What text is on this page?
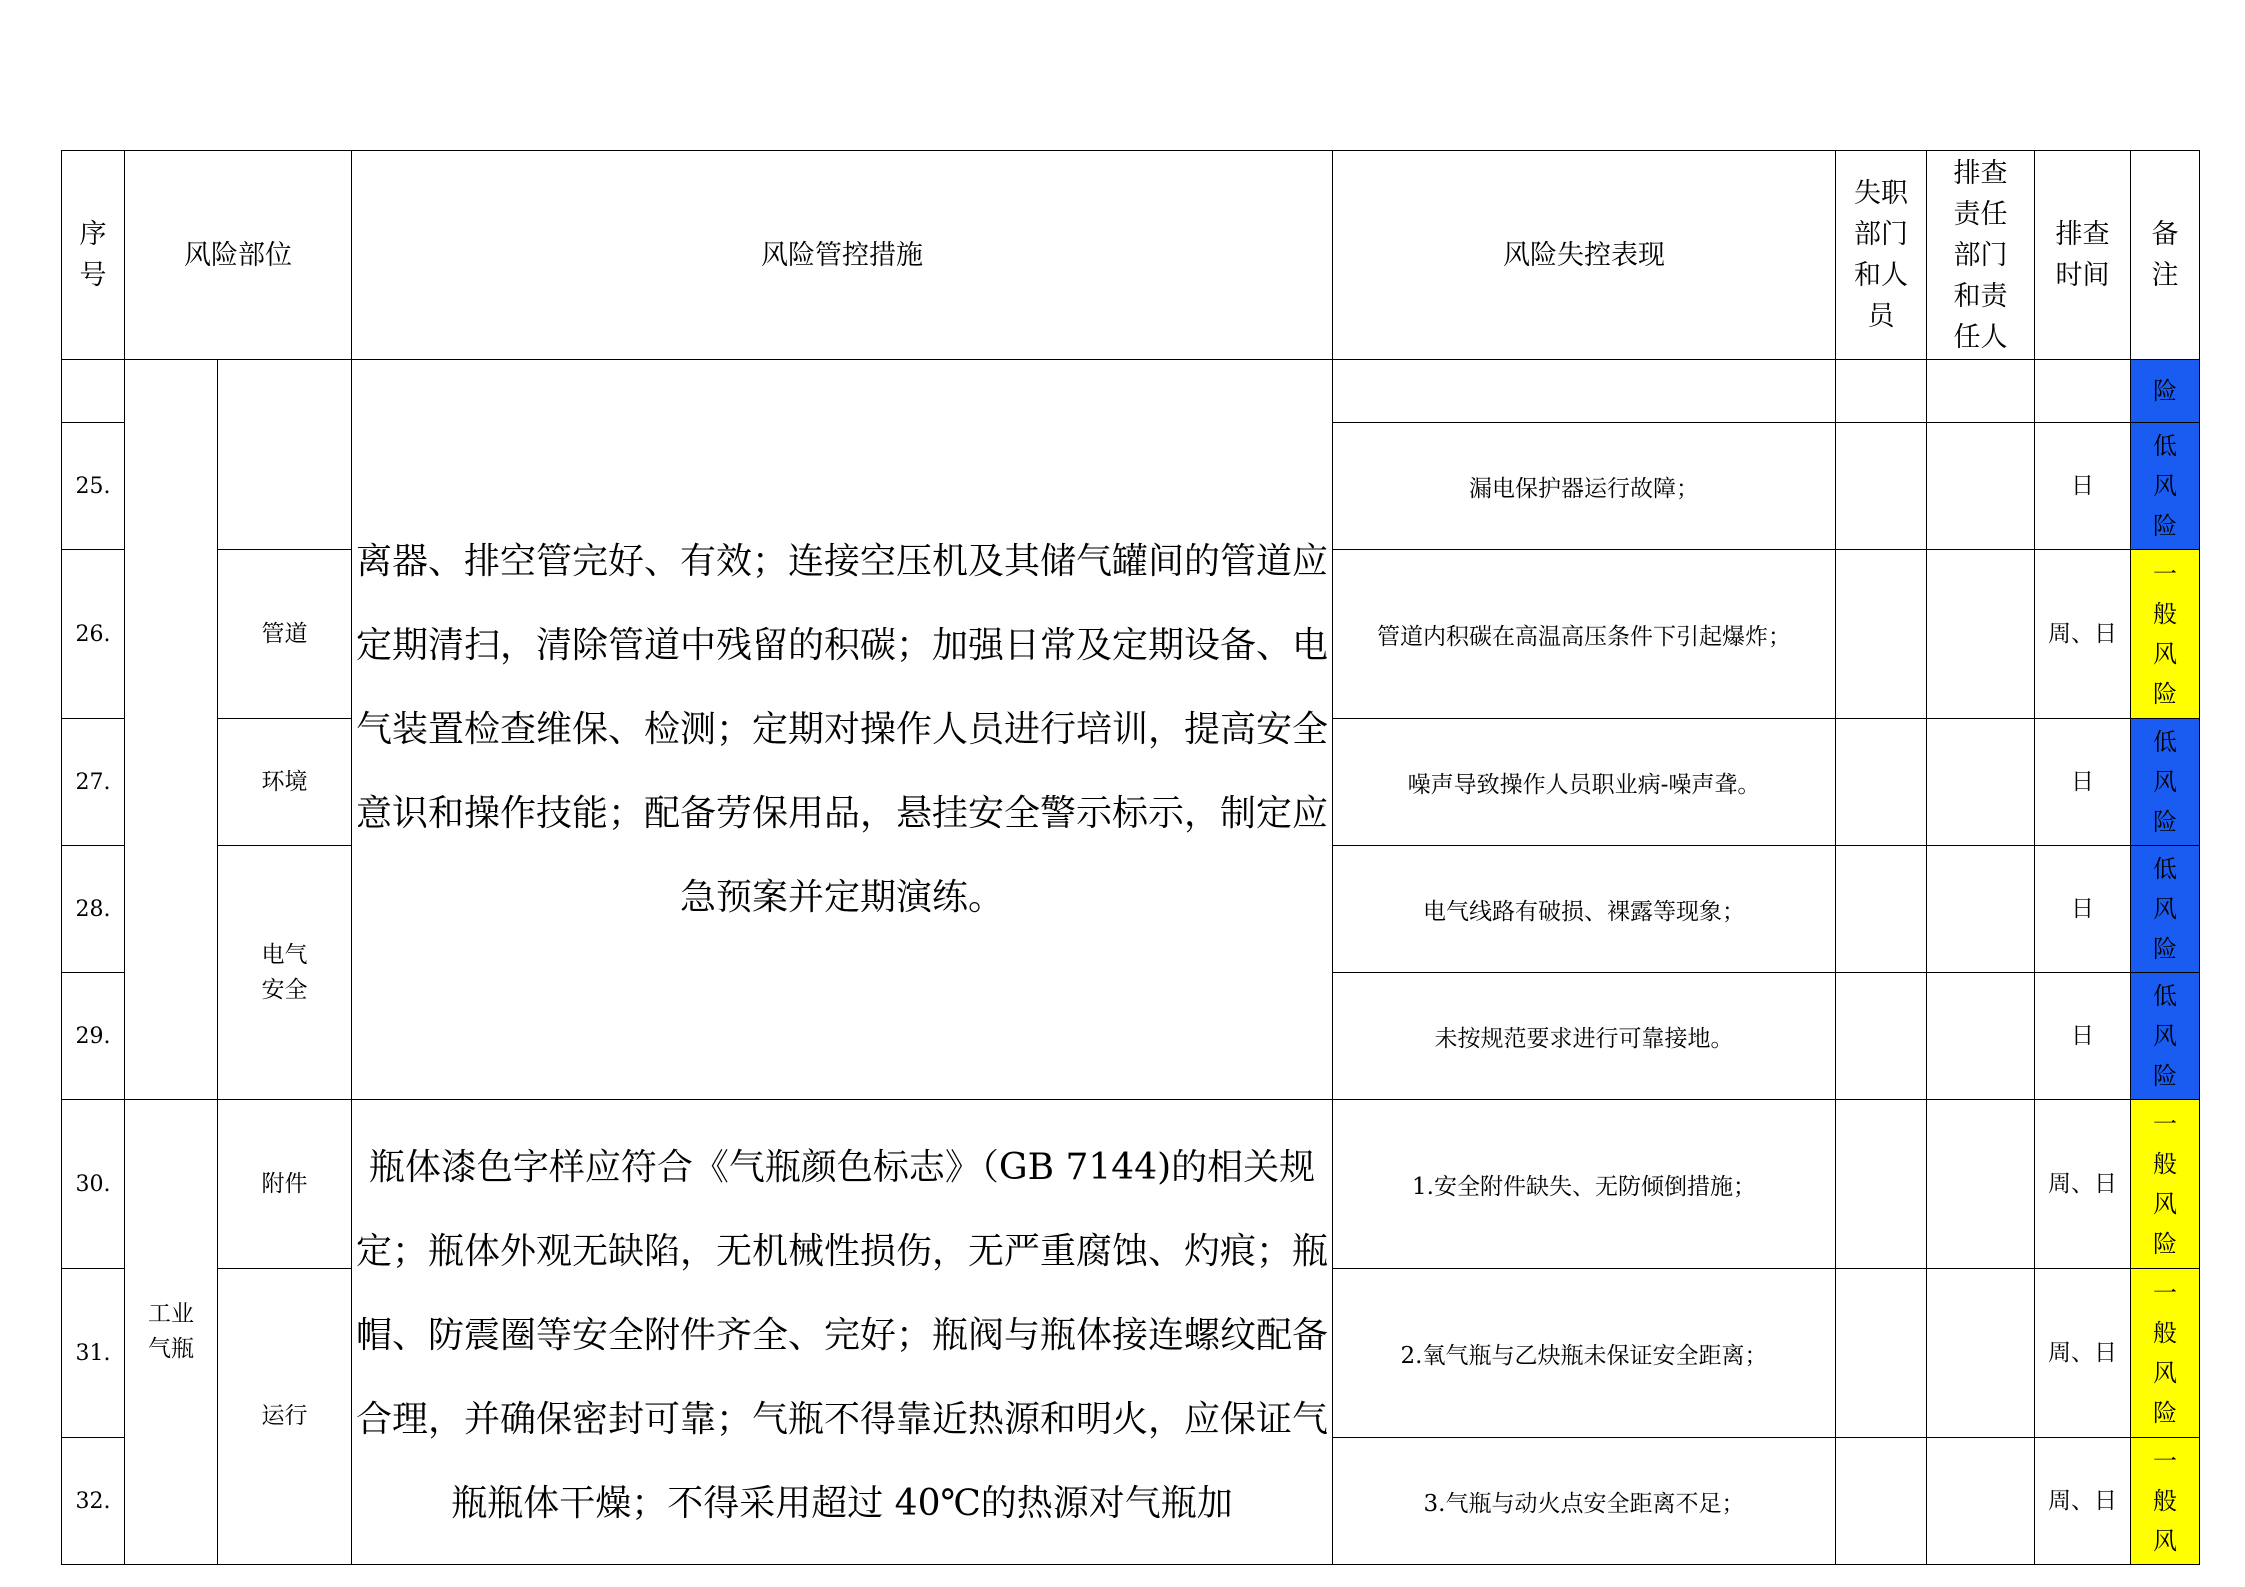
序号	风险部位		风险管控措施	风险失控表现	失职部门和人员	排查责任部门和责任人	排查时间	备注

			离器、排空管完好、有效；连接空压机及其储气罐间的管道应定期清扫，清除管道中残留的积碳；加强日常及定期设备、电气装置检查维保、检测；定期对操作人员进行培训，提高安全意识和操作技能；配备劳保用品，悬挂安全警示标示，制定应急预案并定期演练。					险
25.				漏电保护器运行故障；			日	低风险
26.		管道		管道内积碳在高温高压条件下引起爆炸；			周、日	一般风险
27.		环境		噪声导致操作人员职业病-噪声聋。			日	低风险
28.		电气安全		电气线路有破损、裸露等现象；			日	低风险
29.				未按规范要求进行可靠接地。			日	低风险
30.	工业气瓶	附件	瓶体漆色字样应符合《气瓶颜色标志》（GB 7144)的相关规定；瓶体外观无缺陷，无机械性损伤，无严重腐蚀、灼痕；瓶帽、防震圈等安全附件齐全、完好；瓶阀与瓶体接连螺纹配备合理，并确保密封可靠；气瓶不得靠近热源和明火，应保证气瓶瓶体干燥；不得采用超过 40℃的热源对气瓶加	1.安全附件缺失、无防倾倒措施；			周、日	一般风险
31.		运行		2.氧气瓶与乙炔瓶未保证安全距离；			周、日	一般风险
32.				3.气瓶与动火点安全距离不足；			周、日	一般风
